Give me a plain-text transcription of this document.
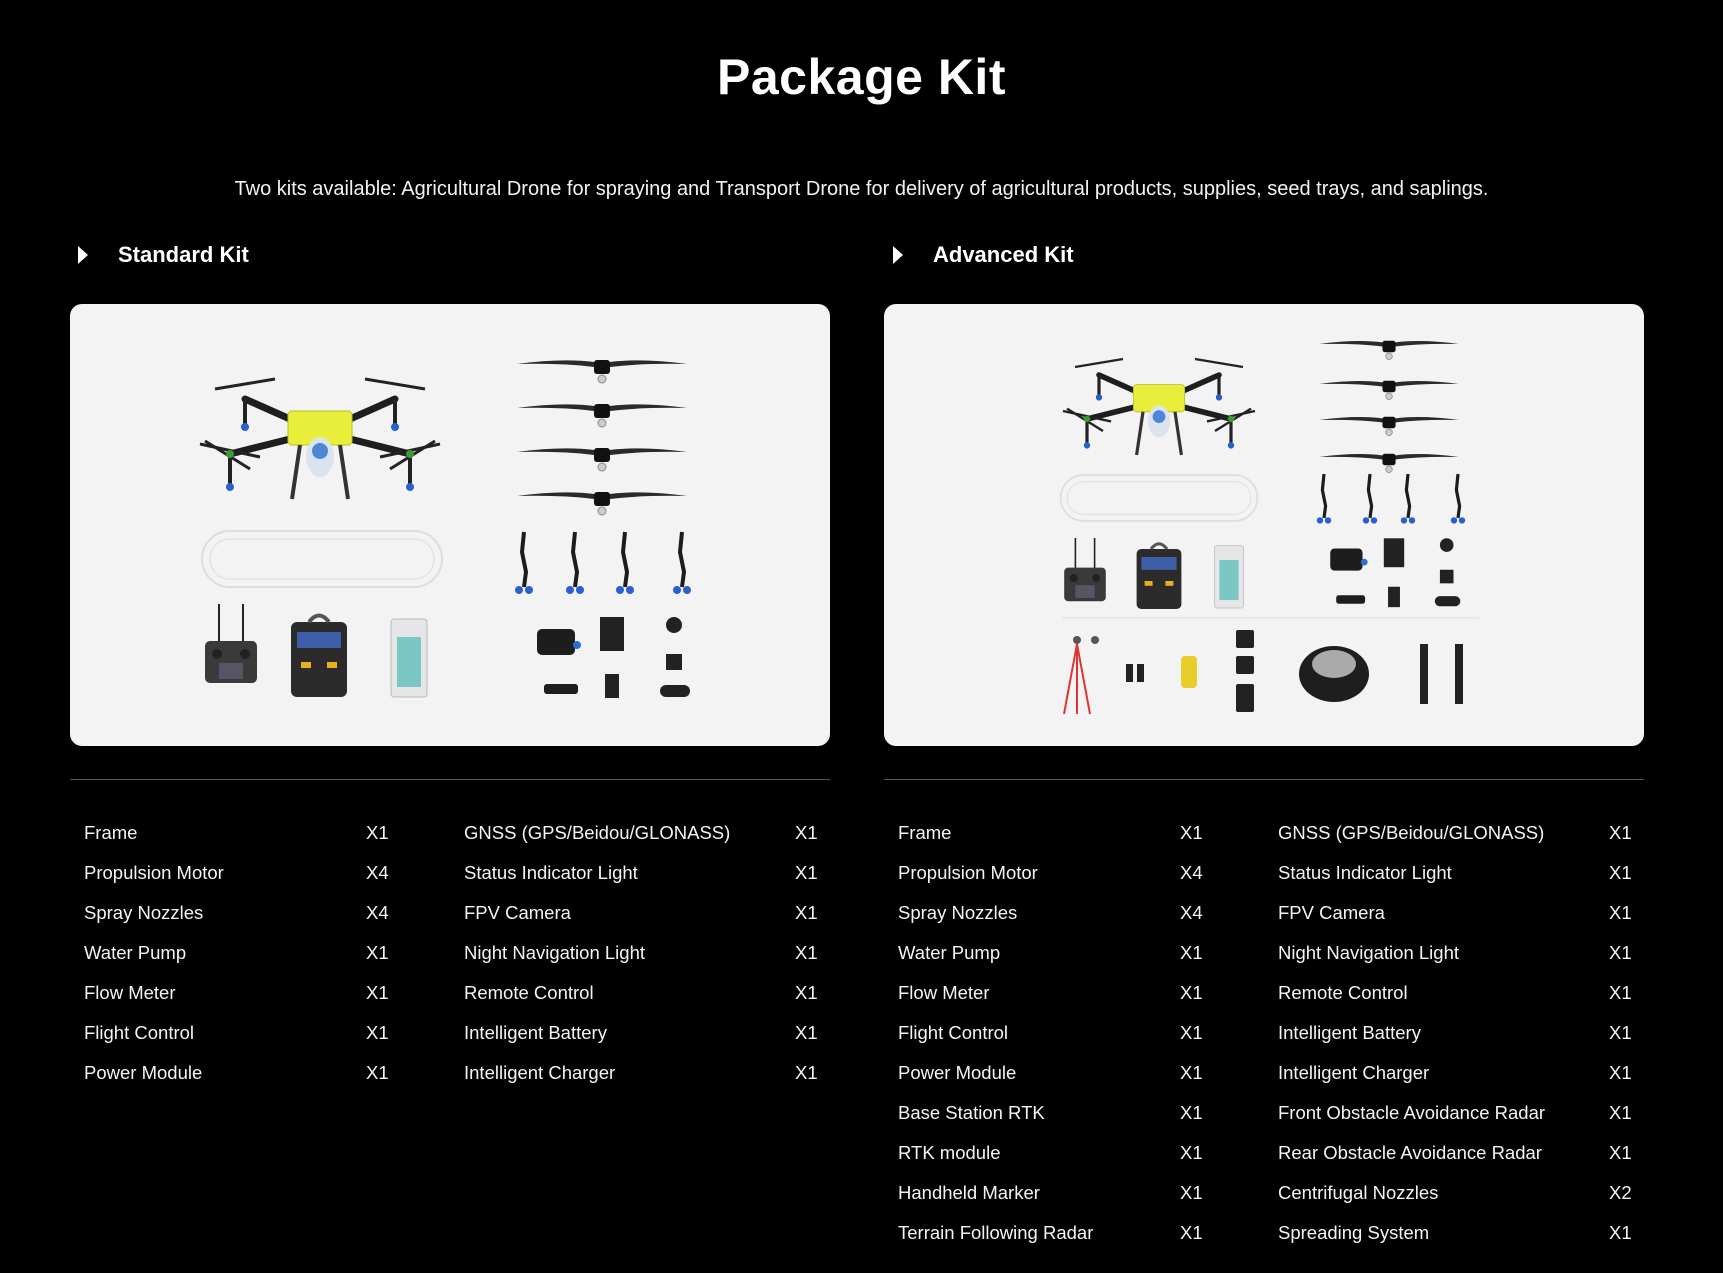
Package Kit
Two kits available: Agricultural Drone for spraying and Transport Drone for delivery of agricultural products, supplies, seed trays, and saplings.
Standard Kit	Advanced Kit
Frame	X1
Propulsion Motor	X4
Spray Nozzles	X4
Water Pump	X1
Flow Meter	X1
Flight Control	X1
Power Module	X1
GNSS (GPS/Beidou/GLONASS)	X1
Status Indicator Light	X1
FPV Camera	X1
Night Navigation Light	X1
Remote Control	X1
Intelligent Battery	X1
Intelligent Charger	X1
Frame	X1
Propulsion Motor	X4
Spray Nozzles	X4
Water Pump	X1
Flow Meter	X1
Flight Control	X1
Power Module	X1
Base Station RTK	X1
RTK module	X1
Handheld Marker	X1
Terrain Following Radar	X1
GNSS (GPS/Beidou/GLONASS)	X1
Status Indicator Light	X1
FPV Camera	X1
Night Navigation Light	X1
Remote Control	X1
Intelligent Battery	X1
Intelligent Charger	X1
Front Obstacle Avoidance Radar	X1
Rear Obstacle Avoidance Radar	X1
Centrifugal Nozzles	X2
Spreading System	X1
